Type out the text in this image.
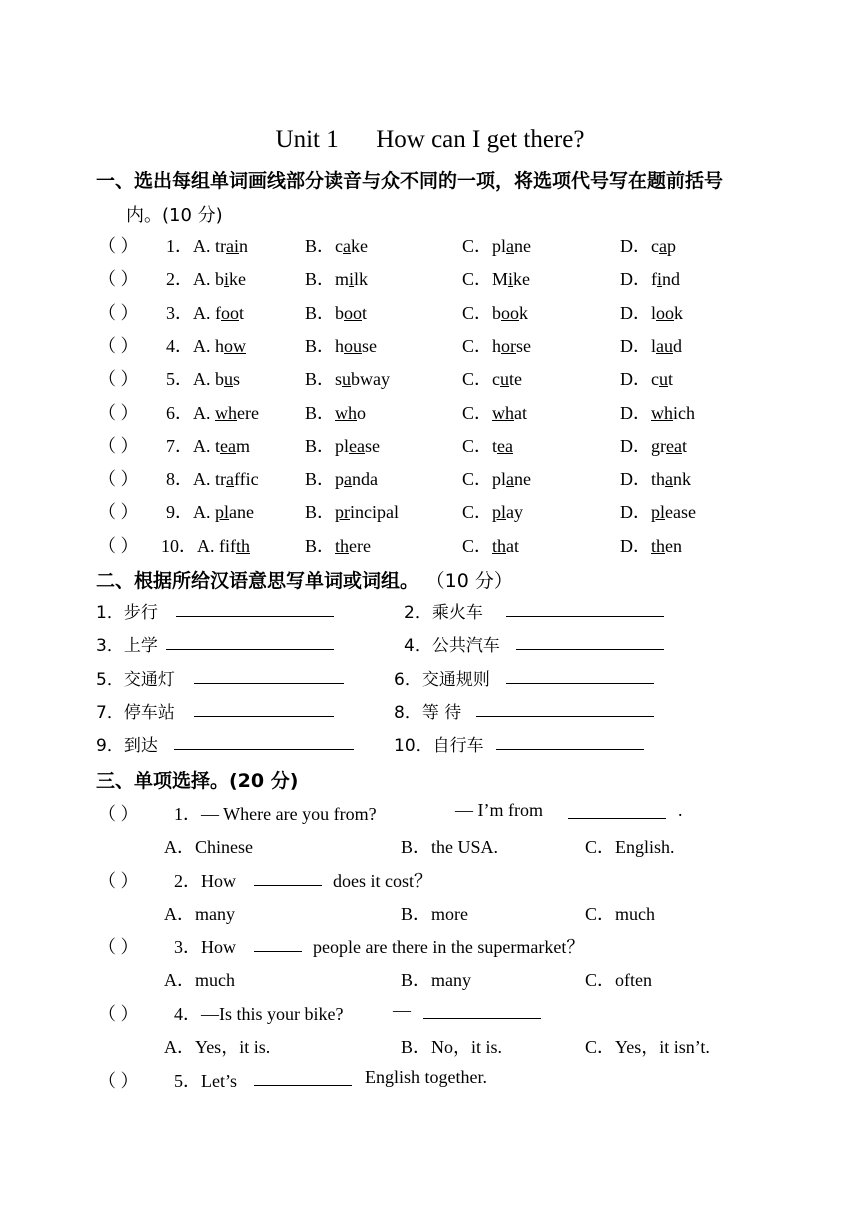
Unit 1      How can I get there?
一、选出每组单词画线部分读音与众不同的一项，将选项代号写在题前括号
内。(10 分)
（ ） 1．A. train	B．cake	C．plane	D．cap
（ ） 2．A. bike	B．milk	C．Mike	D．find
（ ） 3．A. foot	B．boot	C．book	D．look
（ ） 4．A. how	B．house	C．horse	D．laud
（ ） 5．A. bus	B．subway	C．cute	D．cut
（ ） 6．A. where	B．who	C．what	D．which
（ ） 7．A. team	B．please	C．tea	D．great
（ ） 8．A. traffic	B．panda	C．plane	D．thank
（ ） 9．A. plane	B．principal	C．play	D．please
（ ） 10．A. fifth	B．there	C．that	D．then
二、根据所给汉语意思写单词或词组。 （10 分）
1．步行	2．乘火车
3．上学	4．公共汽车
5．交通灯	6．交通规则
7．停车站	8．等 待
9．到达	10．自行车
三、单项选择。(20 分)
（ ） 1．— Where are you from?	— I’m from	.
A．Chinese	B．the USA.	C．English.
（ ） 2．How	does it cost？
A．many	B．more	C．much
（ ） 3．How	people are there in the supermarket？
A．much	B．many	C．often
（ ） 4．—Is this your bike?	—
A．Yes，it is.	B．No，it is.	C．Yes，it isn’t.
（ ） 5．Let’s	English together.
